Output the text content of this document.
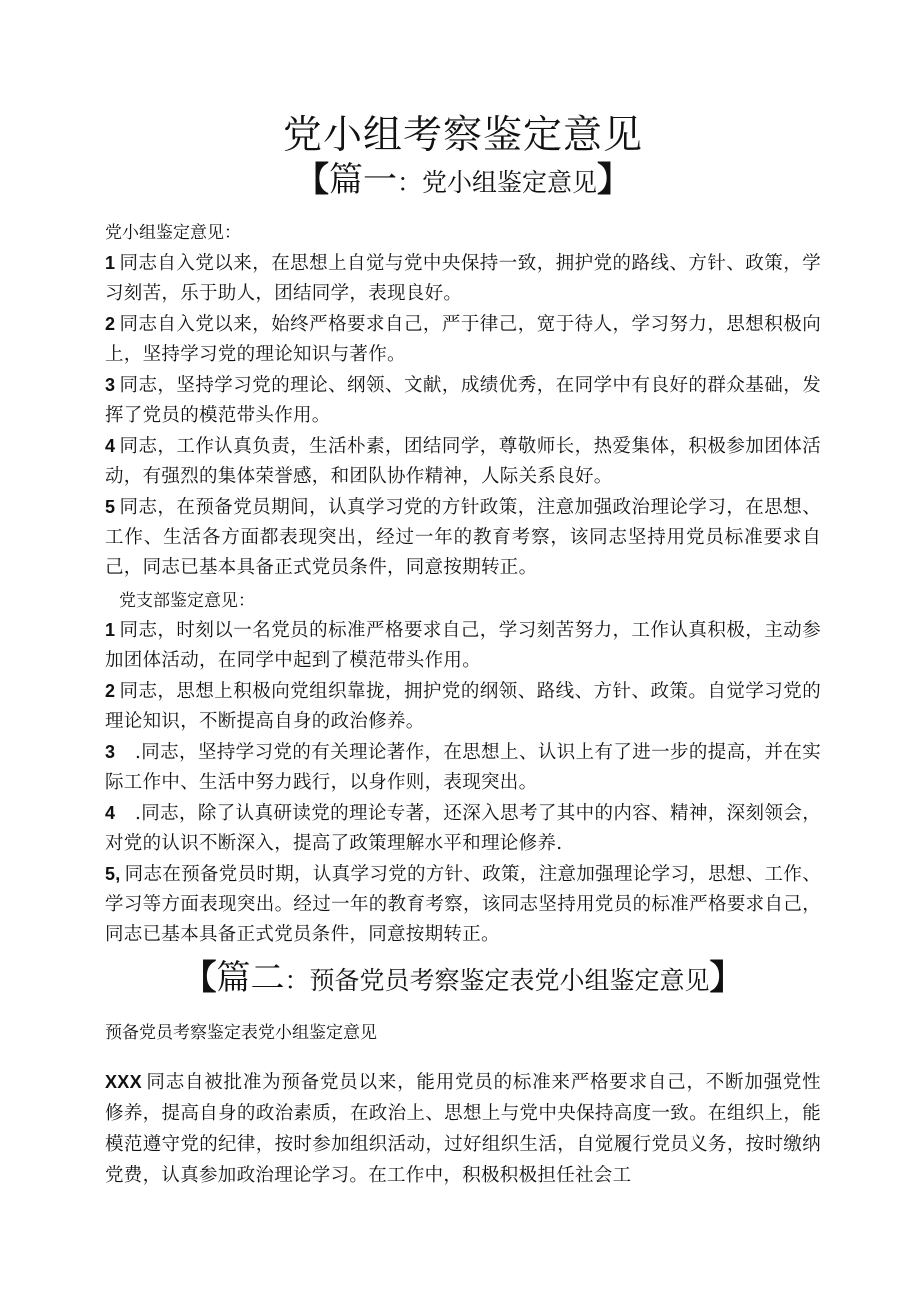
党小组考察鉴定意见
【篇一：党小组鉴定意见】

党小组鉴定意见：

1 同志自入党以来，在思想上自觉与党中央保持一致，拥护党的路线、方针、政策，学习刻苦，乐于助人，团结同学，表现良好。

2 同志自入党以来，始终严格要求自己，严于律己，宽于待人，学习努力，思想积极向上，坚持学习党的理论知识与著作。

3 同志，坚持学习党的理论、纲领、文献，成绩优秀，在同学中有良好的群众基础，发挥了党员的模范带头作用。

4 同志，工作认真负责，生活朴素，团结同学，尊敬师长，热爱集体，积极参加团体活动，有强烈的集体荣誉感，和团队协作精神，人际关系良好。

5 同志，在预备党员期间，认真学习党的方针政策，注意加强政治理论学习，在思想、工作、生活各方面都表现突出，经过一年的教育考察，该同志坚持用党员标准要求自己，同志已基本具备正式党员条件，同意按期转正。

党支部鉴定意见：

1 同志，时刻以一名党员的标准严格要求自己，学习刻苦努力，工作认真积极，主动参加团体活动，在同学中起到了模范带头作用。

2 同志，思想上积极向党组织靠拢，拥护党的纲领、路线、方针、政策。自觉学习党的理论知识，不断提高自身的政治修养。

3 .同志，坚持学习党的有关理论著作，在思想上、认识上有了进一步的提高，并在实际工作中、生活中努力践行，以身作则，表现突出。

4 .同志，除了认真研读党的理论专著，还深入思考了其中的内容、精神，深刻领会，对党的认识不断深入，提高了政策理解水平和理论修养.

5, 同志在预备党员时期，认真学习党的方针、政策，注意加强理论学习，思想、工作、学习等方面表现突出。经过一年的教育考察，该同志坚持用党员的标准严格要求自己，同志已基本具备正式党员条件，同意按期转正。

【篇二：预备党员考察鉴定表党小组鉴定意见】

预备党员考察鉴定表党小组鉴定意见

XXX 同志自被批准为预备党员以来，能用党员的标准来严格要求自己，不断加强党性修养，提高自身的政治素质，在政治上、思想上与党中央保持高度一致。在组织上，能模范遵守党的纪律，按时参加组织活动，过好组织生活，自觉履行党员义务，按时缴纳党费，认真参加政治理论学习。在工作中，积极积极担任社会工
